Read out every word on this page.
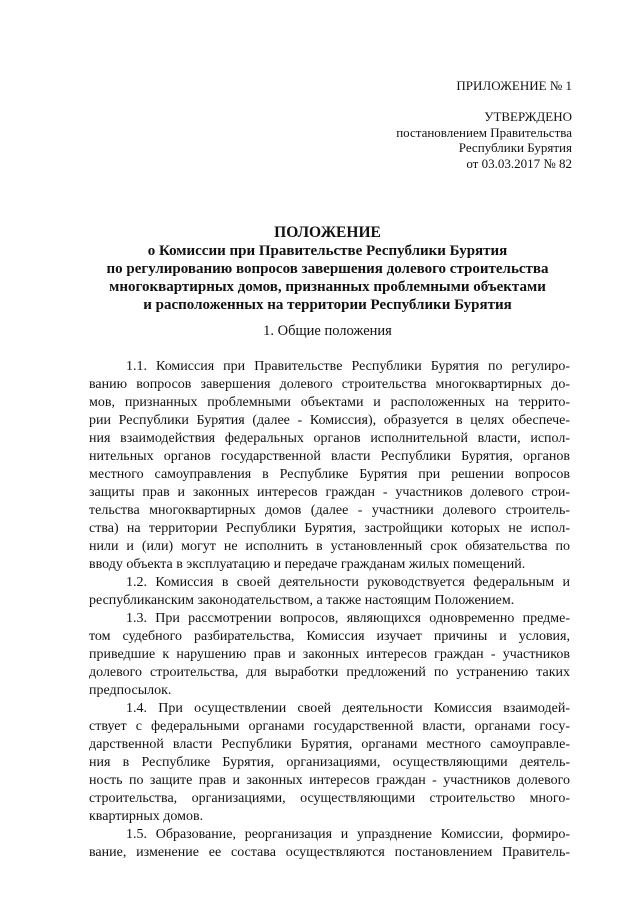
ПРИЛОЖЕНИЕ № 1
УТВЕРЖДЕНО
постановлением Правительства
Республики Бурятия
от 03.03.2017 № 82
ПОЛОЖЕНИЕ
о Комиссии при Правительстве Республики Бурятия
по регулированию вопросов завершения долевого строительства
многоквартирных домов, признанных проблемными объектами
и расположенных на территории Республики Бурятия
1. Общие положения

1.1. Комиссия при Правительстве Республики Бурятия по регулиро-
ванию вопросов завершения долевого строительства многоквартирных до-
мов, признанных проблемными объектами и расположенных на террито-
рии Республики Бурятия (далее - Комиссия), образуется в целях обеспече-
ния взаимодействия федеральных органов исполнительной власти, испол-
нительных органов государственной власти Республики Бурятия, органов
местного самоуправления в Республике Бурятия при решении вопросов
защиты прав и законных интересов граждан - участников долевого строи-
тельства многоквартирных домов (далее - участники долевого строитель-
ства) на территории Республики Бурятия, застройщики которых не испол-
нили и (или) могут не исполнить в установленный срок обязательства по
вводу объекта в эксплуатацию и передаче гражданам жилых помещений.

1.2. Комиссия в своей деятельности руководствуется федеральным и
республиканским законодательством, а также настоящим Положением.

1.3. При рассмотрении вопросов, являющихся одновременно предме-
том судебного разбирательства, Комиссия изучает причины и условия,
приведшие к нарушению прав и законных интересов граждан - участников
долевого строительства, для выработки предложений по устранению таких
предпосылок.

1.4. При осуществлении своей деятельности Комиссия взаимодей-
ствует с федеральными органами государственной власти, органами госу-
дарственной власти Республики Бурятия, органами местного самоуправле-
ния в Республике Бурятия, организациями, осуществляющими деятель-
ность по защите прав и законных интересов граждан - участников долевого
строительства, организациями, осуществляющими строительство много-
квартирных домов.

1.5. Образование, реорганизация и упразднение Комиссии, формиро-
вание, изменение ее состава осуществляются постановлением Правитель-
